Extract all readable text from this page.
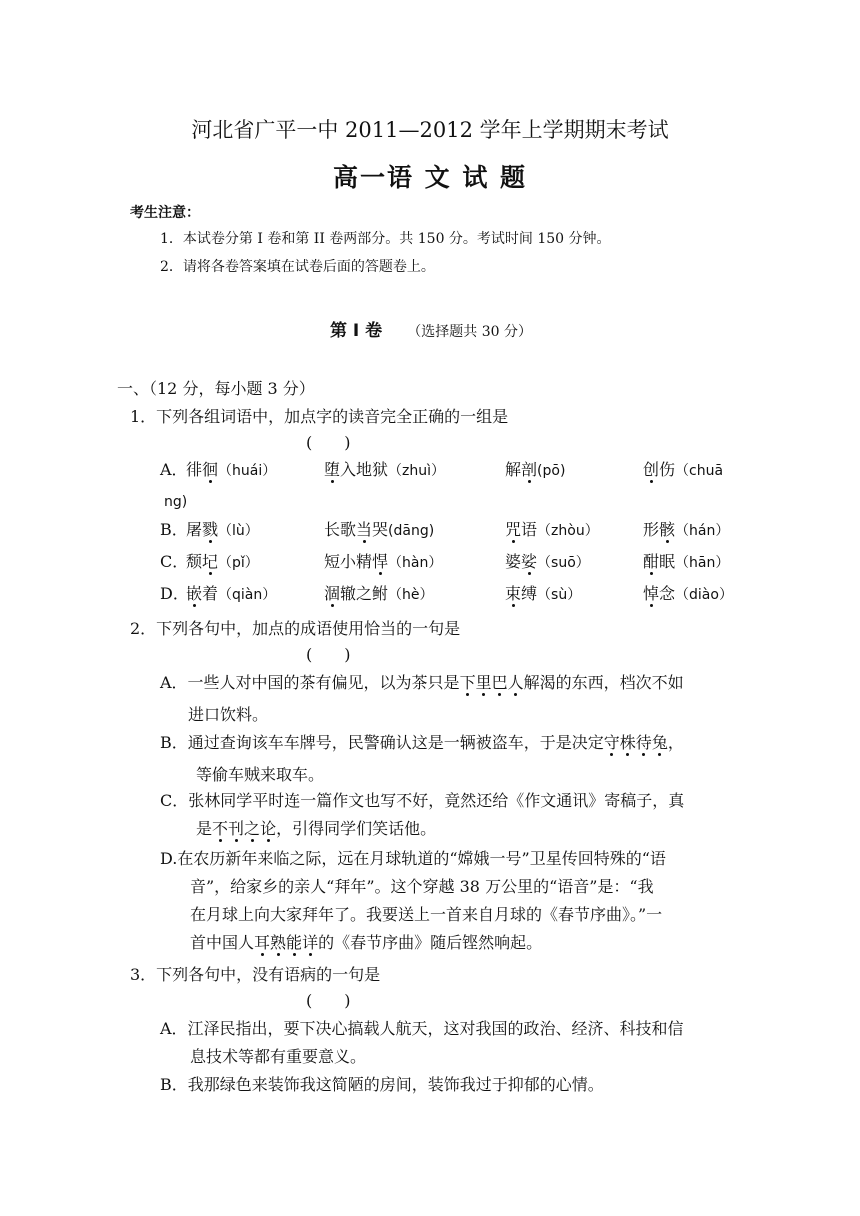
河北省广平一中 2011—2012 学年上学期期末考试
高一语 文 试 题
考生注意：
1．本试卷分第 I 卷和第 II 卷两部分。共 150 分。考试时间 150 分钟。
2．请将各卷答案填在试卷后面的答题卷上。
第 Ⅰ 卷 （选择题共 30 分）
一、（12 分，每小题 3 分）
1．下列各组词语中，加点字的读音完全正确的一组是
(　　)
A．
徘徊（huái）	堕入地狱（zhuì）	解剖(pō)	创伤（chuā
ng)
B．
屠戮（lù）	长歌当哭(dāng)	咒语（zhòu）	形骸（hán）
C．
颓圮（pǐ）	短小精悍（hàn）	婆娑（suō）	酣眠（hān）
D．
嵌着（qiàn）	涸辙之鲋（hè）	束缚（sù）	悼念（diào）
2．下列各句中，加点的成语使用恰当的一句是
(　　)
A．一些人对中国的茶有偏见，以为茶只是下里巴人解渴的东西，档次不如
进口饮料。
B．通过查询该车车牌号，民警确认这是一辆被盗车，于是决定守株待兔，
等偷车贼来取车。
C．张林同学平时连一篇作文也写不好，竟然还给《作文通讯》寄稿子，真
是不刊之论，引得同学们笑话他。
D.在农历新年来临之际，远在月球轨道的“嫦娥一号”卫星传回特殊的“语
音”，给家乡的亲人“拜年”。这个穿越 38 万公里的“语音”是：“我
在月球上向大家拜年了。我要送上一首来自月球的《春节序曲》。”一
首中国人耳熟能详的《春节序曲》随后铿然响起。
3．下列各句中，没有语病的一句是
(　　)
A．江泽民指出，要下决心搞载人航天，这对我国的政治、经济、科技和信
息技术等都有重要意义。
B．我那绿色来装饰我这简陋的房间，装饰我过于抑郁的心情。
